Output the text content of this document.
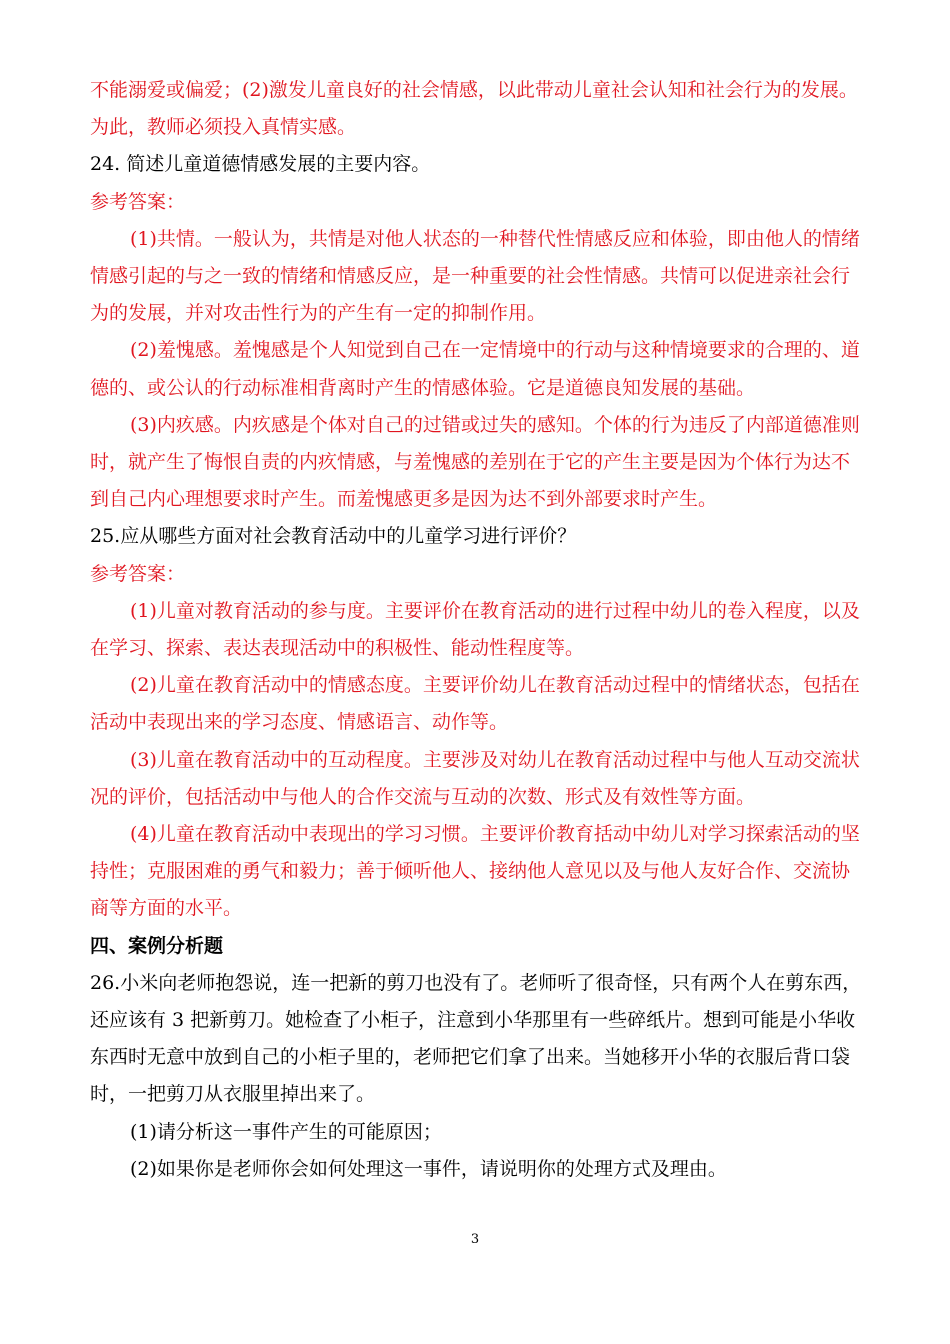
不能溺爱或偏爱；(2)激发儿童良好的社会情感，以此带动儿童社会认知和社会行为的发展。
为此，教师必须投入真情实感。
24. 简述儿童道德情感发展的主要内容。
参考答案：
(1)共情。一般认为，共情是对他人状态的一种替代性情感反应和体验，即由他人的情绪
情感引起的与之一致的情绪和情感反应，是一种重要的社会性情感。共情可以促进亲社会行
为的发展，并对攻击性行为的产生有一定的抑制作用。
(2)羞愧感。羞愧感是个人知觉到自己在一定情境中的行动与这种情境要求的合理的、道
德的、或公认的行动标准相背离时产生的情感体验。它是道德良知发展的基础。
(3)内疚感。内疚感是个体对自己的过错或过失的感知。个体的行为违反了内部道德准则
时，就产生了悔恨自责的内疚情感，与羞愧感的差别在于它的产生主要是因为个体行为达不
到自己内心理想要求时产生。而羞愧感更多是因为达不到外部要求时产生。
25.应从哪些方面对社会教育活动中的儿童学习进行评价？
参考答案：
(1)儿童对教育活动的参与度。主要评价在教育活动的进行过程中幼儿的卷入程度，以及
在学习、探索、表达表现活动中的积极性、能动性程度等。
(2)儿童在教育活动中的情感态度。主要评价幼儿在教育活动过程中的情绪状态，包括在
活动中表现出来的学习态度、情感语言、动作等。
(3)儿童在教育活动中的互动程度。主要涉及对幼儿在教育活动过程中与他人互动交流状
况的评价，包括活动中与他人的合作交流与互动的次数、形式及有效性等方面。
(4)儿童在教育活动中表现出的学习习惯。主要评价教育括动中幼儿对学习探索活动的坚
持性；克服困难的勇气和毅力；善于倾听他人、接纳他人意见以及与他人友好合作、交流协
商等方面的水平。
四、案例分析题
26.小米向老师抱怨说，连一把新的剪刀也没有了。老师听了很奇怪，只有两个人在剪东西，
还应该有 3 把新剪刀。她检查了小柜子，注意到小华那里有一些碎纸片。想到可能是小华收
东西时无意中放到自己的小柜子里的，老师把它们拿了出来。当她移开小华的衣服后背口袋
时，一把剪刀从衣服里掉出来了。
(1)请分析这一事件产生的可能原因；
(2)如果你是老师你会如何处理这一事件，请说明你的处理方式及理由。
3
